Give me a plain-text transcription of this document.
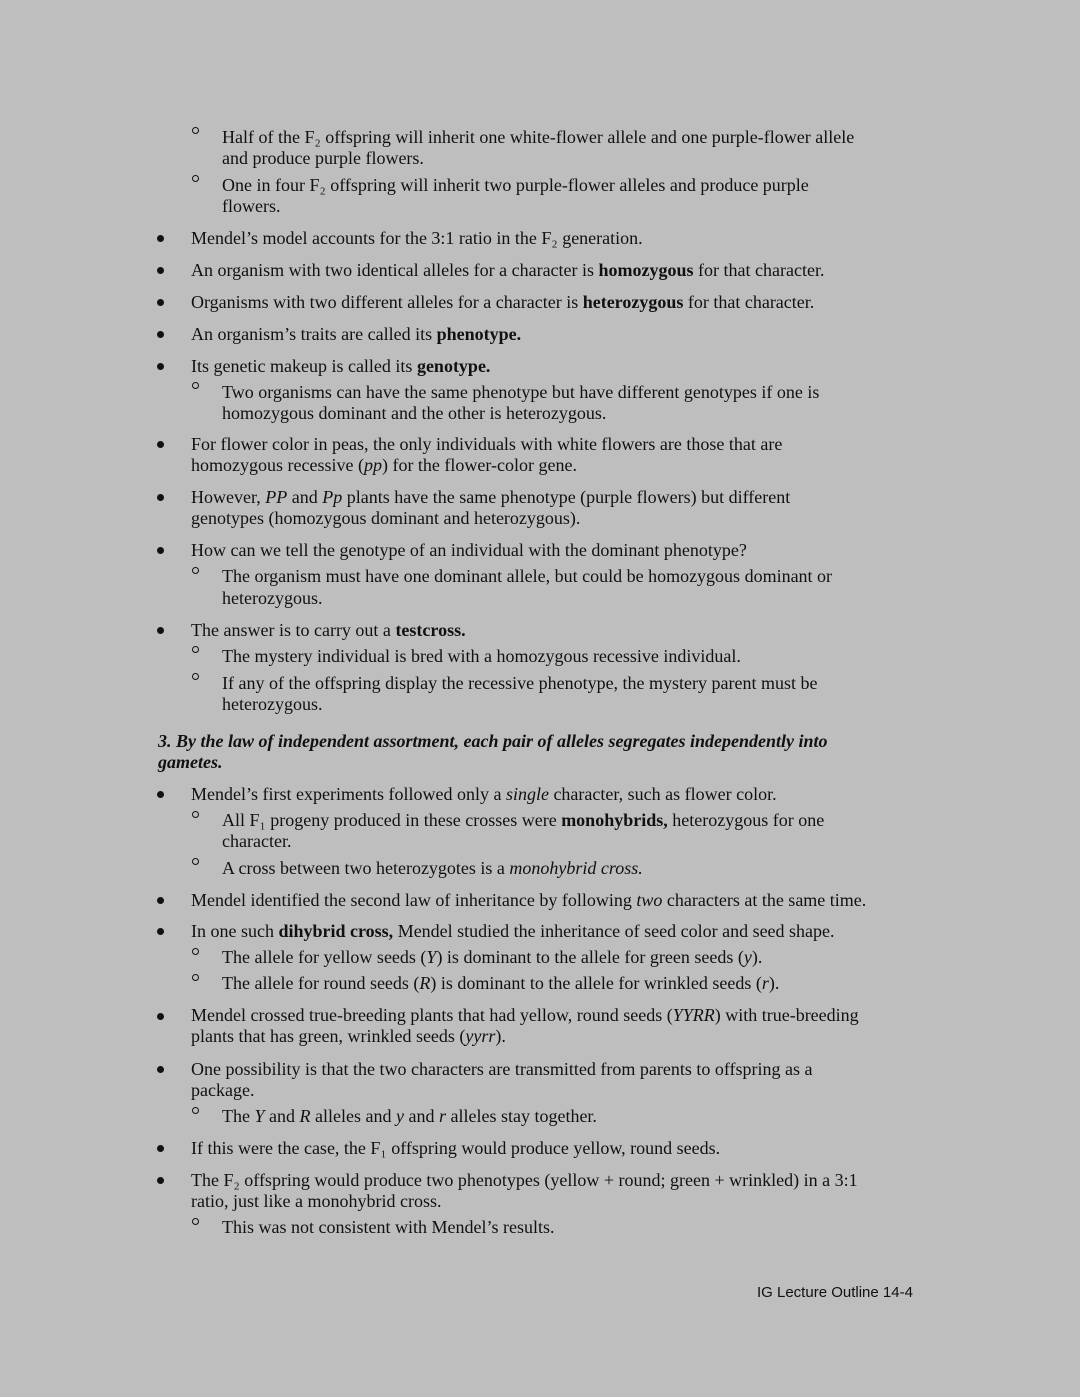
Half of the F₂ offspring will inherit one white-flower allele and one purple-flower allele
and produce purple flowers.
One in four F₂ offspring will inherit two purple-flower alleles and produce purple
flowers.
Mendel’s model accounts for the 3:1 ratio in the F₂ generation.
An organism with two identical alleles for a character is homozygous for that character.
Organisms with two different alleles for a character is heterozygous for that character.
An organism’s traits are called its phenotype.
Its genetic makeup is called its genotype.
Two organisms can have the same phenotype but have different genotypes if one is
homozygous dominant and the other is heterozygous.
For flower color in peas, the only individuals with white flowers are those that are
homozygous recessive (pp) for the flower-color gene.
However, PP and Pp plants have the same phenotype (purple flowers) but different
genotypes (homozygous dominant and heterozygous).
How can we tell the genotype of an individual with the dominant phenotype?
The organism must have one dominant allele, but could be homozygous dominant or
heterozygous.
The answer is to carry out a testcross.
The mystery individual is bred with a homozygous recessive individual.
If any of the offspring display the recessive phenotype, the mystery parent must be
heterozygous.
3. By the law of independent assortment, each pair of alleles segregates independently into
gametes.
Mendel’s first experiments followed only a single character, such as flower color.
All F₁ progeny produced in these crosses were monohybrids, heterozygous for one
character.
A cross between two heterozygotes is a monohybrid cross.
Mendel identified the second law of inheritance by following two characters at the same time.
In one such dihybrid cross, Mendel studied the inheritance of seed color and seed shape.
The allele for yellow seeds (Y) is dominant to the allele for green seeds (y).
The allele for round seeds (R) is dominant to the allele for wrinkled seeds (r).
Mendel crossed true-breeding plants that had yellow, round seeds (YYRR) with true-breeding
plants that has green, wrinkled seeds (yyrr).
One possibility is that the two characters are transmitted from parents to offspring as a
package.
The Y and R alleles and y and r alleles stay together.
If this were the case, the F₁ offspring would produce yellow, round seeds.
The F₂ offspring would produce two phenotypes (yellow + round; green + wrinkled) in a 3:1
ratio, just like a monohybrid cross.
This was not consistent with Mendel’s results.
IG Lecture Outline 14-4
